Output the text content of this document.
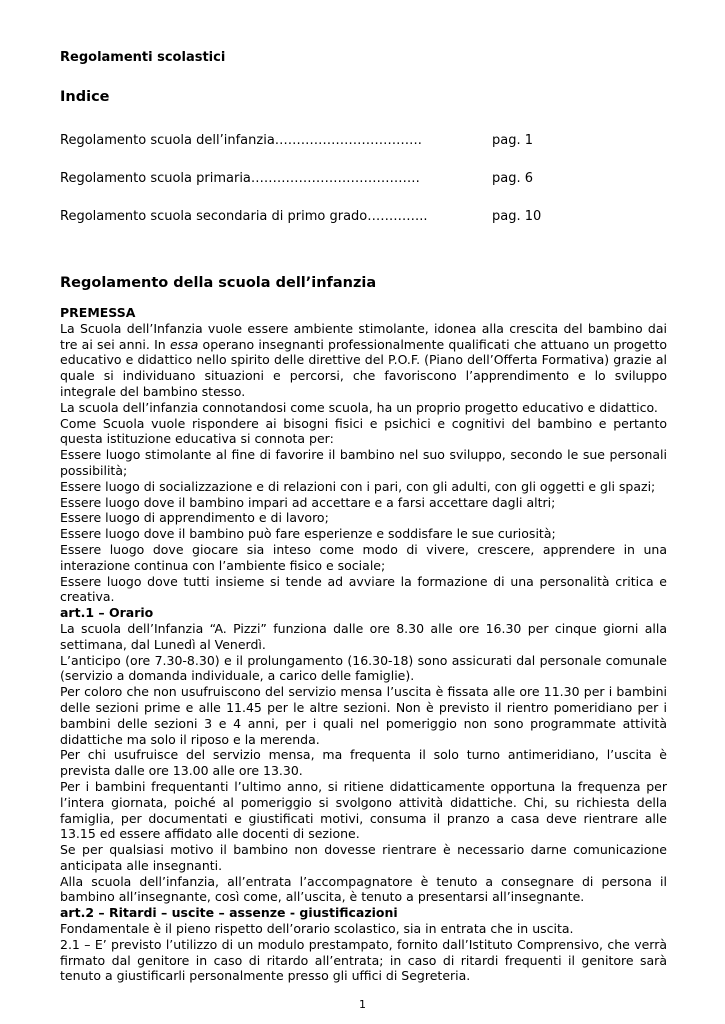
Regolamenti scolastici
Indice
Regolamento scuola dell’infanzia…………………………….	pag. 1
Regolamento scuola primaria…………………………………	pag. 6
Regolamento scuola secondaria di primo grado…………..	pag. 10
Regolamento della scuola dell’infanzia

PREMESSA

La Scuola dell’Infanzia vuole essere ambiente stimolante, idonea alla crescita del bambino dai tre ai sei anni. In essa operano insegnanti professionalmente qualificati che attuano un progetto educativo e didattico nello spirito delle direttive del P.O.F. (Piano dell’Offerta Formativa) grazie al quale si individuano situazioni e percorsi, che favoriscono l’apprendimento e lo sviluppo integrale del bambino stesso.

La scuola dell’infanzia connotandosi come scuola, ha un proprio progetto educativo e didattico.

Come Scuola vuole rispondere ai bisogni fisici e psichici e cognitivi del bambino e pertanto questa istituzione educativa si connota per:

Essere luogo stimolante al fine di favorire il bambino nel suo sviluppo, secondo le sue personali possibilità;

Essere luogo di socializzazione e di relazioni con i pari, con gli adulti, con gli oggetti e gli spazi;

Essere luogo dove il bambino impari ad accettare e a farsi accettare dagli altri;

Essere luogo di apprendimento e di lavoro;

Essere luogo dove il bambino può fare esperienze e soddisfare le sue curiosità;

Essere luogo dove giocare sia inteso come modo di vivere, crescere, apprendere in una interazione continua con l’ambiente fisico e sociale;

Essere luogo dove tutti insieme si tende ad avviare la formazione di una personalità critica e creativa.

art.1 – Orario

La scuola dell’Infanzia “A. Pizzi” funziona dalle ore 8.30 alle ore 16.30 per cinque giorni alla settimana, dal Lunedì al Venerdì.

L’anticipo (ore 7.30-8.30) e il prolungamento (16.30-18) sono assicurati dal personale comunale (servizio a domanda individuale, a carico delle famiglie).

Per coloro che non usufruiscono del servizio mensa l’uscita è fissata alle ore 11.30 per i bambini delle sezioni prime e alle 11.45 per le altre sezioni. Non è previsto il rientro pomeridiano per i bambini delle sezioni 3 e 4 anni, per i quali nel pomeriggio non sono programmate attività didattiche ma solo il riposo e la merenda.

Per chi usufruisce del servizio mensa, ma frequenta il solo turno antimeridiano, l’uscita è prevista dalle ore 13.00 alle ore 13.30.

Per i bambini frequentanti l’ultimo anno, si ritiene didatticamente opportuna la frequenza per l’intera giornata, poiché al pomeriggio si svolgono attività didattiche. Chi, su richiesta della famiglia, per documentati e giustificati motivi, consuma il pranzo a casa deve rientrare alle 13.15 ed essere affidato alle docenti di sezione.

Se per qualsiasi motivo il bambino non dovesse rientrare è necessario darne comunicazione anticipata alle insegnanti.

Alla scuola dell’infanzia, all’entrata l’accompagnatore è tenuto a consegnare di persona il bambino all’insegnante, così come, all’uscita, è tenuto a presentarsi all’insegnante.

art.2 – Ritardi – uscite – assenze - giustificazioni

Fondamentale è il pieno rispetto dell’orario scolastico, sia in entrata che in uscita.

2.1 – E’ previsto l’utilizzo di un modulo prestampato, fornito dall’Istituto Comprensivo, che verrà firmato dal genitore in caso di ritardo all’entrata; in caso di ritardi frequenti il genitore sarà tenuto a giustificarli personalmente presso gli uffici di Segreteria.

1
